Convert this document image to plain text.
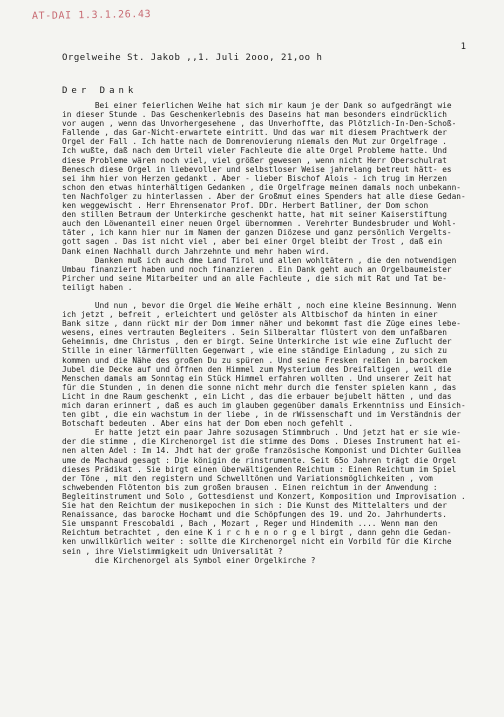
AT-DAI 1.3.1.26.43
1
Orgelweihe St. Jakob ,,1. Juli 2ooo, 21,oo h
Der Dank
Bei einer feierlichen Weihe hat sich mir kaum je der Dank so aufgedrängt wie
in dieser Stunde . Das Geschenkerlebnis des Daseins hat man besonders eindrücklich
vor augen , wenn das Unvorhergesehene , das Unverhoffte, das Plötzlich-In-Den-Schoß-
Fallende , das Gar-Nicht-erwartete eintritt. Und das war mit diesem Prachtwerk der
Orgel der Fall . Ich hatte nach de Domrenovierung niemals den Mut zur Orgelfrage .
Ich wußte, daß nach dem Urteil vieler Fachleute die alte Orgel Probleme hatte. Und
diese Probleme wären noch viel, viel größer gewesen , wenn nicht Herr Oberschulrat
Benesch diese Orgel in liebevoller und selbstloser Weise jahrelang betreut hätt- es
sei ihm hier von Herzen gedankt . Aber - lieber Bischof Alois - ich trug im Herzen
schon den etwas hinterhältigen Gedanken , die Orgelfrage meinen damals noch unbekann-
ten Nachfolger zu hinterlassen . Aber der Großmut eines Spenders hat alle diese Gedan-
ken weggewischt . Herr Ehrensenator Prof. DDr. Herbert Batliner, der Dom schon
den stillen Betraum der Unterkirche geschenkt hatte, hat mit seiner Kaiserstiftung
auch den Löwenanteil einer neuen Orgel übernommen . Verehrter Bundesbruder und Wohl-
täter , ich kann hier nur im Namen der ganzen Diözese und ganz persönlich Vergelts-
gott sagen . Das ist nicht viel , aber bei einer Orgel bleibt der Trost , daß ein
Dank einen Nachhall durch Jahrzehnte und mehr haben wird.
Danken muß ich auch dme Land Tirol und allen wohltätern , die den notwendigen
Umbau finanziert haben und noch finanzieren . Ein Dank geht auch an Orgelbaumeister
Pircher und seine Mitarbeiter und an alle Fachleute , die sich mit Rat und Tat be-
teiligt haben .
Und nun , bevor die Orgel die Weihe erhält , noch eine kleine Besinnung. Wenn
ich jetzt , befreit , erleichtert und gelöster als Altbischof da hinten in einer
Bank sitze , dann rückt mir der Dom immer näher und bekommt fast die Züge eines lebe-
wesens, eines vertrauten Begleiters . Sein Silberaltar flüstert von dem unfaßbaren
Geheimnis, dme Christus , den er birgt. Seine Unterkirche ist wie eine Zuflucht der
Stille in einer lärmerfüllten Gegenwart , wie eine ständige Einladung , zu sich zu
kommen und die Nähe des großen Du zu spüren . Und seine Fresken reißen in barockem
Jubel die Decke auf und öffnen den Himmel zum Mysterium des Dreifaltigen , weil die
Menschen damals am Sonntag ein Stück Himmel erfahren wollten . Und unserer Zeit hat
für die Stunden , in denen die sonne nicht mehr durch die fenster spielen kann , das
Licht in dne Raum geschenkt , ein Licht , das die erbauer bejubelt hätten , und das
mich daran erinnert , daß es auch im glauben gegenüber damals Erkenntniss und Einsich-
ten gibt , die ein wachstum in der liebe , in de rWissenschaft und im Verständnis der
Botschaft bedeuten . Aber eins hat der Dom eben noch gefehlt .
Er hatte jetzt ein paar Jahre sozusagen Stimmbruch . Und jetzt hat er sie wie-
der die stimme , die Kirchenorgel ist die stimme des Doms . Dieses Instrument hat ei-
nen alten Adel : Im 14. Jhdt hat der große französische Komponist und Dichter Guillea
ume de Machaud gesagt : Die königin de rinstrumente. Seit 65o Jahren trägt die Orgel
dieses Prädikat . Sie birgt einen überwältigenden Reichtum : Einen Reichtum im Spiel
der Töne , mit den registern und Schwelltönen und Variationsmöglichkeiten , vom
schwebenden Flötenton bis zum großen brausen . Einen reichtum in der Anwendung :
Begleitinstrument und Solo , Gottesdienst und Konzert, Komposition und Improvisation .
Sie hat den Reichtum der musikepochen in sich : Die Kunst des Mittelalters und der
Renaissance, das barocke Hochamt und die Schöpfungen des 19. und 2o. Jahrhunderts.
Sie umspannt Frescobaldi , Bach , Mozart , Reger und Hindemith .... Wenn man den
Reichtum betrachtet , den eine K i r c h e n o r g e l birgt , dann gehn die Gedan-
ken unwillkürlich weiter : sollte die Kirchenorgel nicht ein Vorbild für die Kirche
sein , ihre Vielstimmigkeit udn Universalität ?
die Kirchenorgel als Symbol einer Orgelkirche ?
